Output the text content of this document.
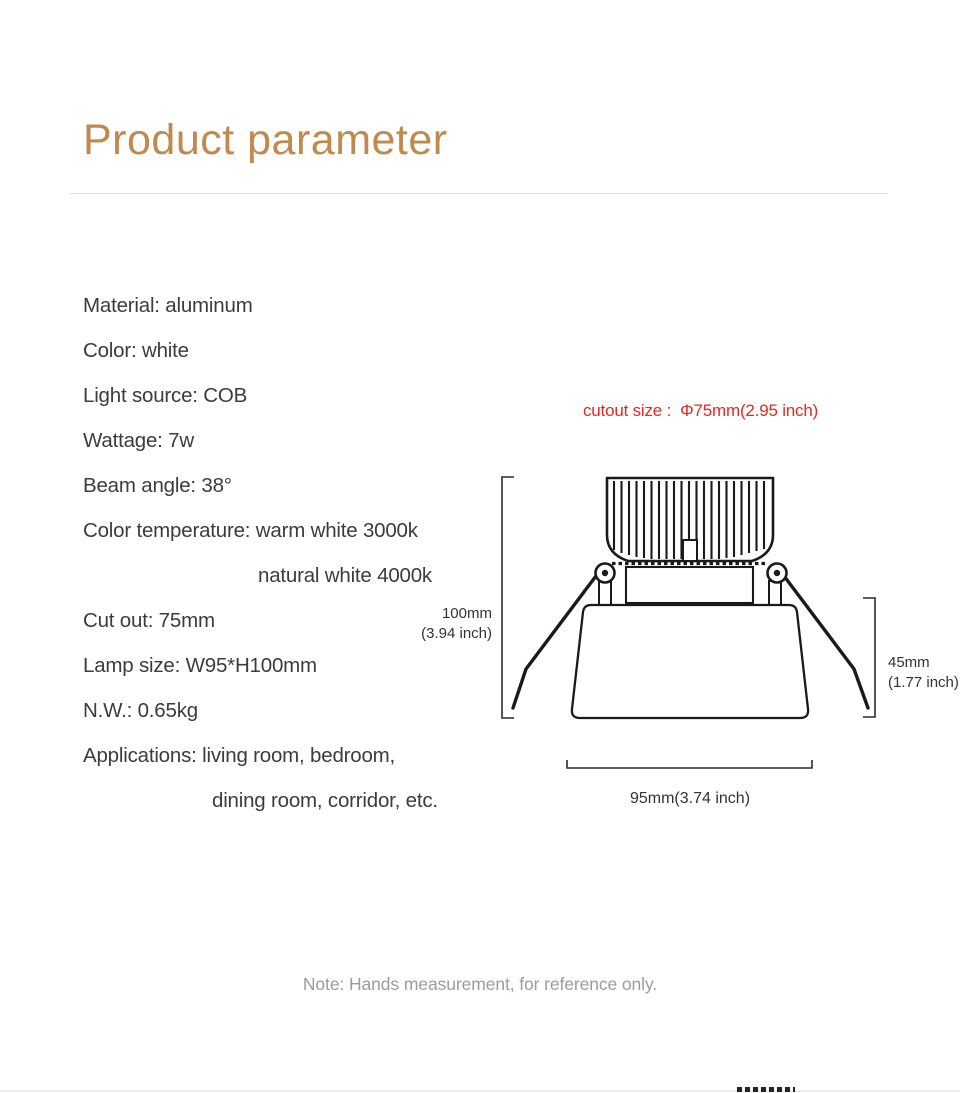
Product parameter
Material: aluminum
Color: white
Light source: COB
Wattage: 7w
Beam angle: 38°
Color temperature: warm white 3000k
natural white 4000k
Cut out: 75mm
Lamp size: W95*H100mm
N.W.: 0.65kg
Applications: living room, bedroom,
dining room, corridor, etc.
cutout size :  Φ75mm(2.95 inch)
100mm
(3.94 inch)
45mm
(1.77 inch)
95mm(3.74 inch)
Note: Hands measurement, for reference only.
